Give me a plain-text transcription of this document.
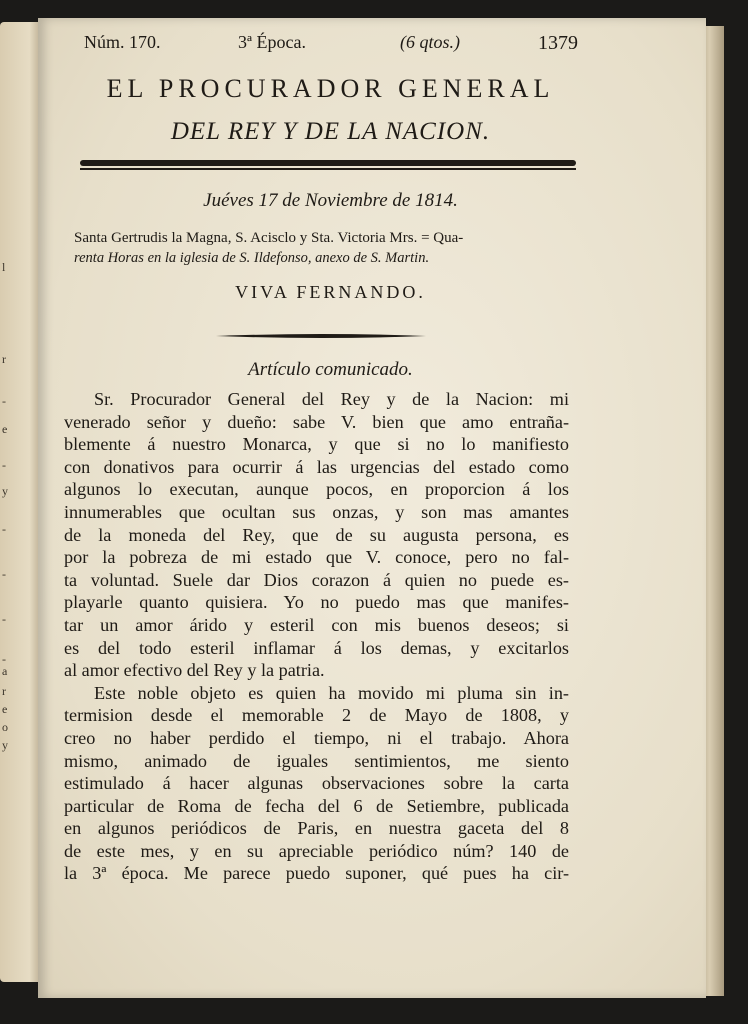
l
r
-
e
-
y
-
-
-
-
a
r
e
o
y
Núm. 170.	3ª Época.	(6 qtos.)	1379
EL PROCURADOR GENERAL
DEL REY Y DE LA NACION.
Juéves 17 de Noviembre de 1814.
Santa Gertrudis la Magna, S. Acisclo y Sta. Victoria Mrs. = Qua-
renta Horas en la iglesia de S. Ildefonso, anexo de S. Martin.
VIVA FERNANDO.
Artículo comunicado.
Sr. Procurador General del Rey y de la Nacion: mi
venerado señor y dueño: sabe V. bien que amo entraña-
blemente á nuestro Monarca, y que si no lo manifiesto
con donativos para ocurrir á las urgencias del estado como
algunos lo executan, aunque pocos, en proporcion á los
innumerables que ocultan sus onzas, y son mas amantes
de la moneda del Rey, que de su augusta persona, es
por la pobreza de mi estado que V. conoce, pero no fal-
ta voluntad. Suele dar Dios corazon á quien no puede es-
playarle quanto quisiera. Yo no puedo mas que manifes-
tar un amor árido y esteril con mis buenos deseos; si
es del todo esteril inflamar á los demas, y excitarlos
al amor efectivo del Rey y la patria.
Este noble objeto es quien ha movido mi pluma sin in-
termision desde el memorable 2 de Mayo de 1808, y
creo no haber perdido el tiempo, ni el trabajo. Ahora
mismo, animado de iguales sentimientos, me siento
estimulado á hacer algunas observaciones sobre la carta
particular de Roma de fecha del 6 de Setiembre, publicada
en algunos periódicos de Paris, en nuestra gaceta del 8
de este mes, y en su apreciable periódico núm? 140 de
la 3ª época. Me parece puedo suponer, qué pues ha cir-
